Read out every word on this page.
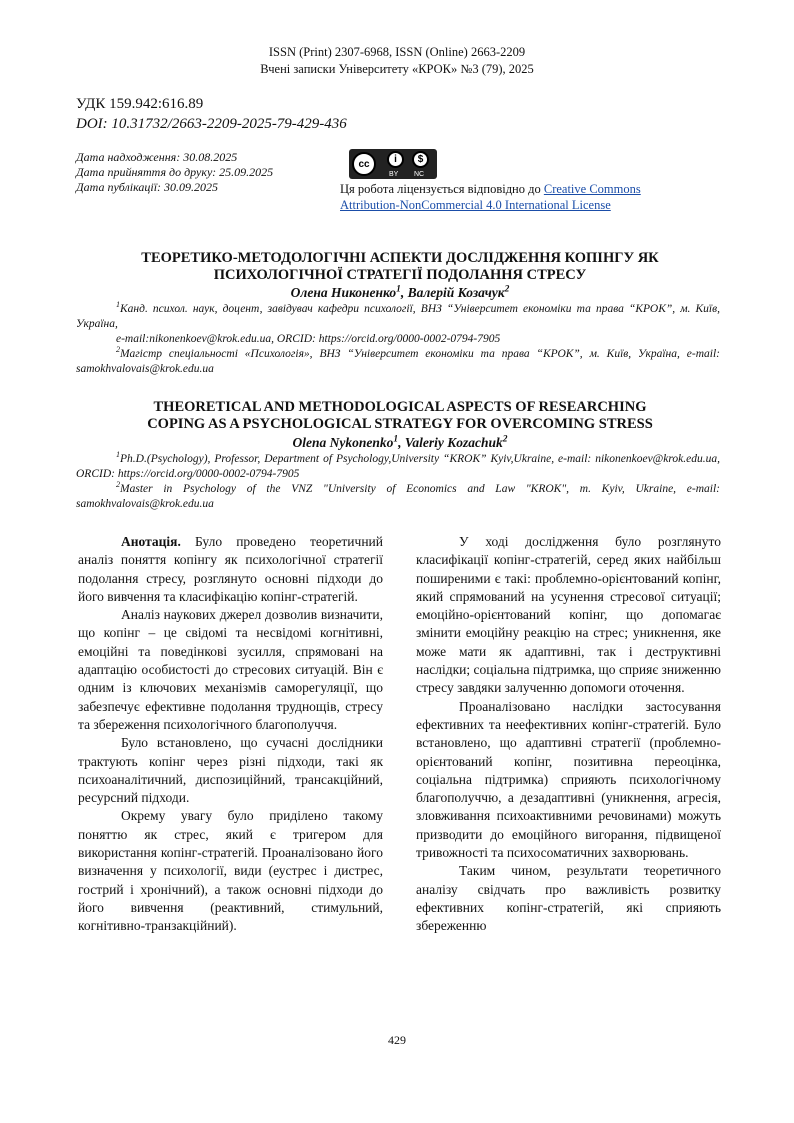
ISSN (Print) 2307-6968, ISSN (Online) 2663-2209
Вчені записки Університету «КРОК» №3 (79), 2025
УДК 159.942:616.89
DOI: 10.31732/2663-2209-2025-79-429-436
Дата надходження: 30.08.2025
Дата прийняття до друку: 25.09.2025
Дата публікації: 30.09.2025
cc	i	$
BY NC
Ця робота ліцензується відповідно до Creative Commons Attribution-NonCommercial 4.0 International License
ТЕОРЕТИКО-МЕТОДОЛОГІЧНІ АСПЕКТИ ДОСЛІДЖЕННЯ КОПІНГУ ЯК
ПСИХОЛОГІЧНОЇ СТРАТЕГІЇ ПОДОЛАННЯ СТРЕСУ
Олена Никоненко$^1$, Валерій Козачук$^2$

$^1$Канд. психол. наук, доцент, завідувач кафедри психології, ВНЗ “Університет економіки та права “КРОК”, м. Київ, Україна,

e-mail:nikonenkoev@krok.edu.ua, ORCID: https://orcid.org/0000-0002-0794-7905

$^2$Магістр спеціальності «Психологія», ВНЗ “Університет економіки та права “КРОК”, м. Київ, Україна, e-mail: samokhvalovais@krok.edu.ua

THEORETICAL AND METHODOLOGICAL ASPECTS OF RESEARCHING
COPING AS A PSYCHOLOGICAL STRATEGY FOR OVERCOMING STRESS
Olena Nykonenko$^1$, Valeriy Kozachuk$^2$

$^1$Ph.D.(Psychology), Professor, Department of Psychology,University “KROK” Kyiv,Ukraine, e-mail: nikonenkoev@krok.edu.ua, ORCID: https://orcid.org/0000-0002-0794-7905

$^2$Master in Psychology of the VNZ "University of Economics and Law "KROK", m. Kyiv, Ukraine, e-mail: samokhvalovais@krok.edu.ua

Анотація. Було проведено теоретичний аналіз поняття копінгу як психологічної стратегії подолання стресу, розглянуто основні підходи до його вивчення та класифікацію копінг-стратегій.

Аналіз наукових джерел дозволив визначити, що копінг – це свідомі та несвідомі когнітивні, емоційні та поведінкові зусилля, спрямовані на адаптацію особистості до стресових ситуацій. Він є одним із ключових механізмів саморегуляції, що забезпечує ефективне подолання труднощів, стресу та збереження психологічного благополуччя.

Було встановлено, що сучасні дослідники трактують копінг через різні підходи, такі як психоаналітичний, диспозиційний, трансакційний, ресурсний підходи.

Окрему увагу було приділено такому поняттю як стрес, який є тригером для використання копінг-стратегій. Проаналізовано його визначення у психології, види (еустрес і дистрес, гострий і хронічний), а також основні підходи до його вивчення (реактивний, стимульний, когнітивно-транзакційний).

У ході дослідження було розглянуто класифікації копінг-стратегій, серед яких найбільш поширеними є такі: проблемно-орієнтований копінг, який спрямований на усунення стресової ситуації; емоційно-орієнтований копінг, що допомагає змінити емоційну реакцію на стрес; уникнення, яке може мати як адаптивні, так і деструктивні наслідки; соціальна підтримка, що сприяє зниженню стресу завдяки залученню допомоги оточення.

Проаналізовано наслідки застосування ефективних та неефективних копінг-стратегій. Було встановлено, що адаптивні стратегії (проблемно-орієнтований копінг, позитивна переоцінка, соціальна підтримка) сприяють психологічному благополуччю, а дезадаптивні (уникнення, агресія, зловживання психоактивними речовинами) можуть призводити до емоційного вигорання, підвищеної тривожності та психосоматичних захворювань.

Таким чином, результати теоретичного аналізу свідчать про важливість розвитку ефективних копінг-стратегій, які сприяють збереженню

429
